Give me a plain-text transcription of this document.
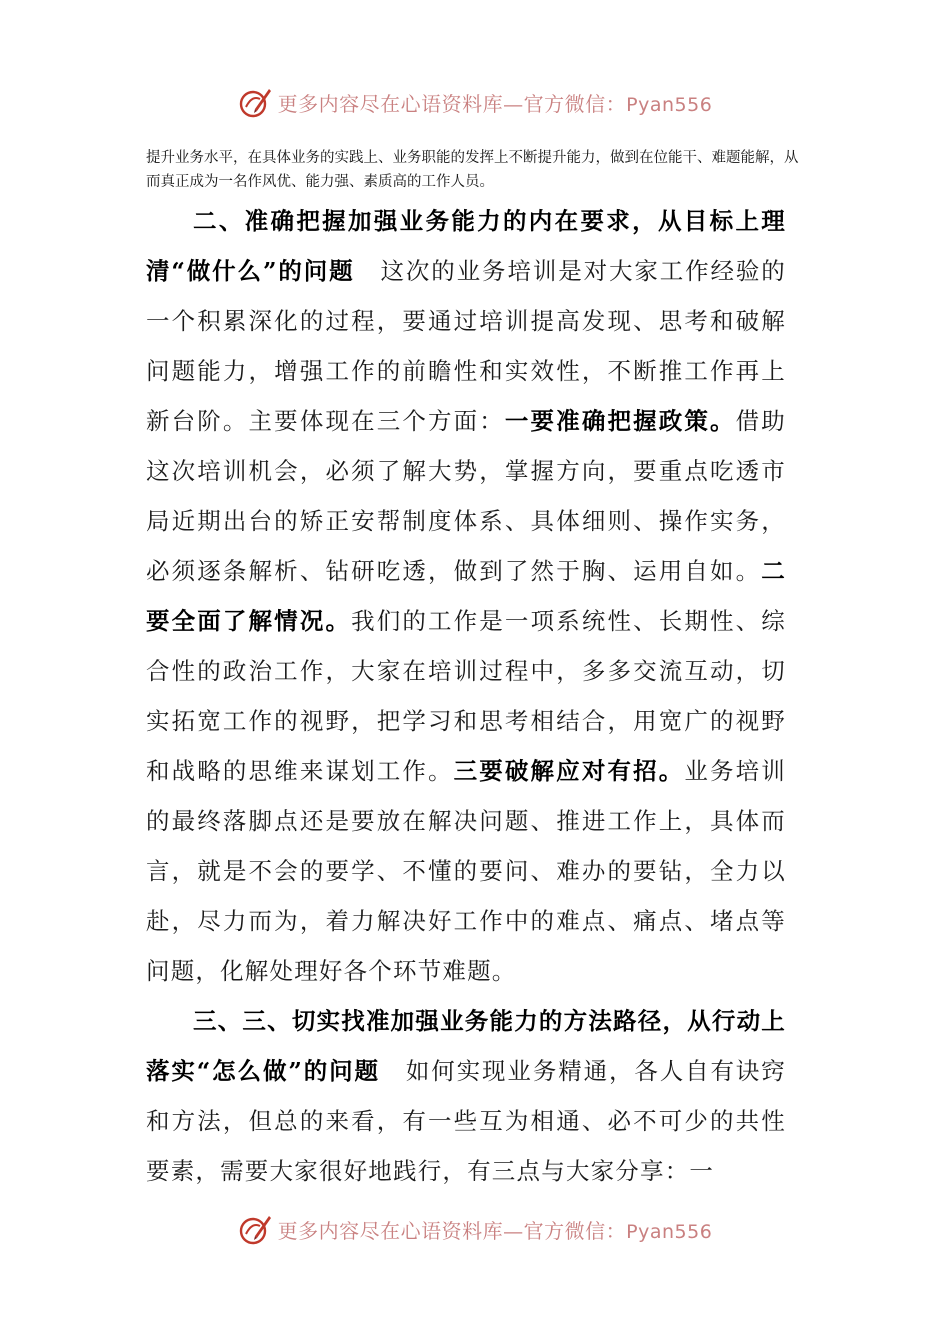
更多内容尽在心语资料库—官方微信：Pyan556
提升业务水平，在具体业务的实践上、业务职能的发挥上不断提升能力，做到在位能干、难题能解，从而真正成为一名作风优、能力强、素质高的工作人员。

二、准确把握加强业务能力的内在要求，从目标上理清“做什么”的问题 这次的业务培训是对大家工作经验的一个积累深化的过程，要通过培训提高发现、思考和破解问题能力，增强工作的前瞻性和实效性，不断推工作再上新台阶。主要体现在三个方面：一要准确把握政策。借助这次培训机会，必须了解大势，掌握方向，要重点吃透市局近期出台的矫正安帮制度体系、具体细则、操作实务，必须逐条解析、钻研吃透，做到了然于胸、运用自如。二要全面了解情况。我们的工作是一项系统性、长期性、综合性的政治工作，大家在培训过程中，多多交流互动，切实拓宽工作的视野，把学习和思考相结合，用宽广的视野和战略的思维来谋划工作。三要破解应对有招。业务培训的最终落脚点还是要放在解决问题、推进工作上，具体而言，就是不会的要学、不懂的要问、难办的要钻，全力以赴，尽力而为，着力解决好工作中的难点、痛点、堵点等问题，化解处理好各个环节难题。

三、三、切实找准加强业务能力的方法路径，从行动上落实“怎么做”的问题 如何实现业务精通，各人自有诀窍和方法，但总的来看，有一些互为相通、必不可少的共性要素，需要大家很好地践行，有三点与大家分享：一

更多内容尽在心语资料库—官方微信：Pyan556
